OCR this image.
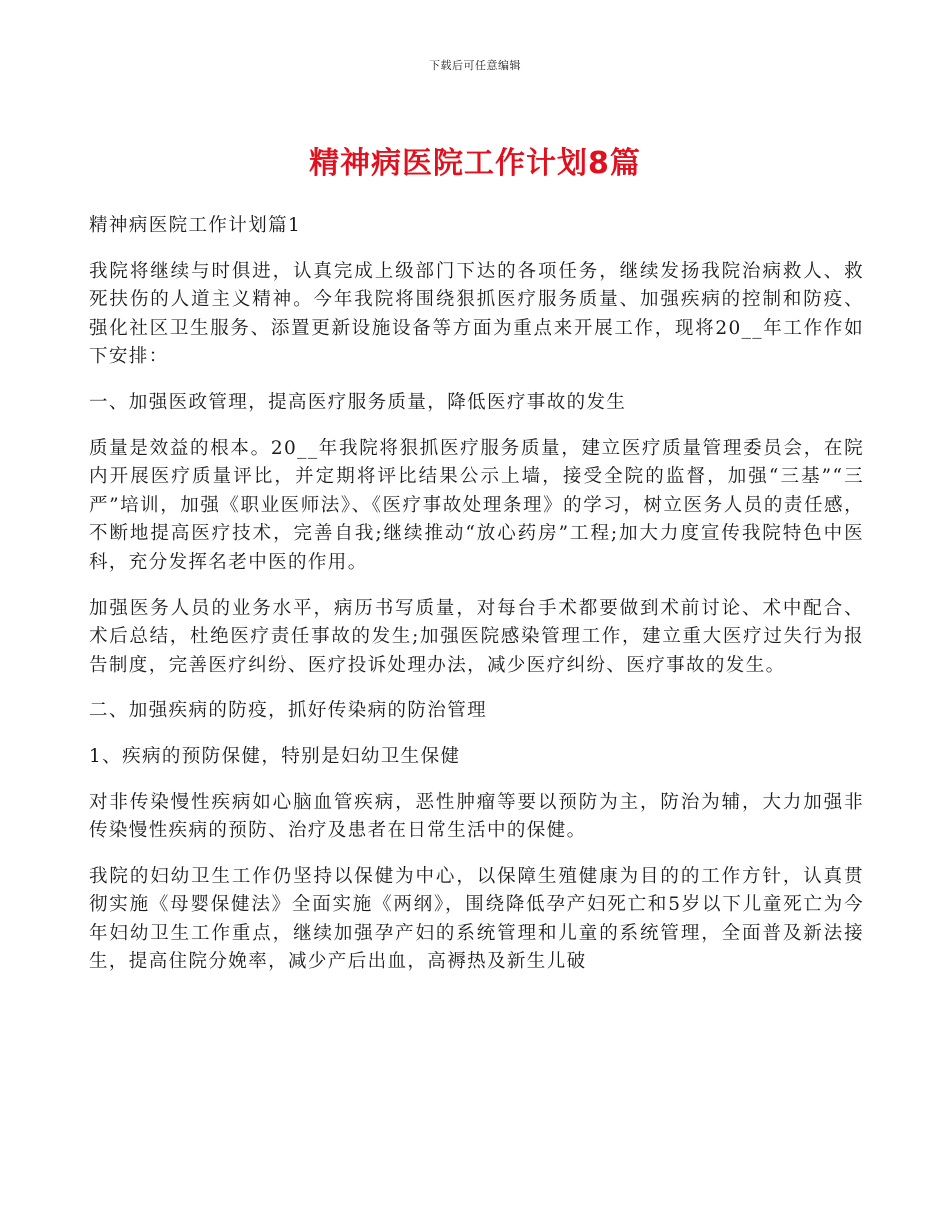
下载后可任意编辑
精神病医院工作计划8篇

精神病医院工作计划篇1

我院将继续与时俱进，认真完成上级部门下达的各项任务，继续发扬我院治病救人、救死扶伤的人道主义精神。今年我院将围绕狠抓医疗服务质量、加强疾病的控制和防疫、强化社区卫生服务、添置更新设施设备等方面为重点来开展工作，现将20__年工作作如下安排：

一、加强医政管理，提高医疗服务质量，降低医疗事故的发生

质量是效益的根本。20__年我院将狠抓医疗服务质量，建立医疗质量管理委员会，在院内开展医疗质量评比，并定期将评比结果公示上墙，接受全院的监督，加强“三基”“三严”培训，加强《职业医师法》、《医疗事故处理条理》的学习，树立医务人员的责任感，不断地提高医疗技术，完善自我;继续推动“放心药房”工程;加大力度宣传我院特色中医科，充分发挥名老中医的作用。

加强医务人员的业务水平，病历书写质量，对每台手术都要做到术前讨论、术中配合、术后总结，杜绝医疗责任事故的发生;加强医院感染管理工作，建立重大医疗过失行为报告制度，完善医疗纠纷、医疗投诉处理办法，减少医疗纠纷、医疗事故的发生。

二、加强疾病的防疫，抓好传染病的防治管理

1、疾病的预防保健，特别是妇幼卫生保健

对非传染慢性疾病如心脑血管疾病，恶性肿瘤等要以预防为主，防治为辅，大力加强非传染慢性疾病的预防、治疗及患者在日常生活中的保健。

我院的妇幼卫生工作仍坚持以保健为中心，以保障生殖健康为目的的工作方针，认真贯彻实施《母婴保健法》全面实施《两纲》，围绕降低孕产妇死亡和5岁以下儿童死亡为今年妇幼卫生工作重点，继续加强孕产妇的系统管理和儿童的系统管理，全面普及新法接生，提高住院分娩率，减少产后出血，高褥热及新生儿破
